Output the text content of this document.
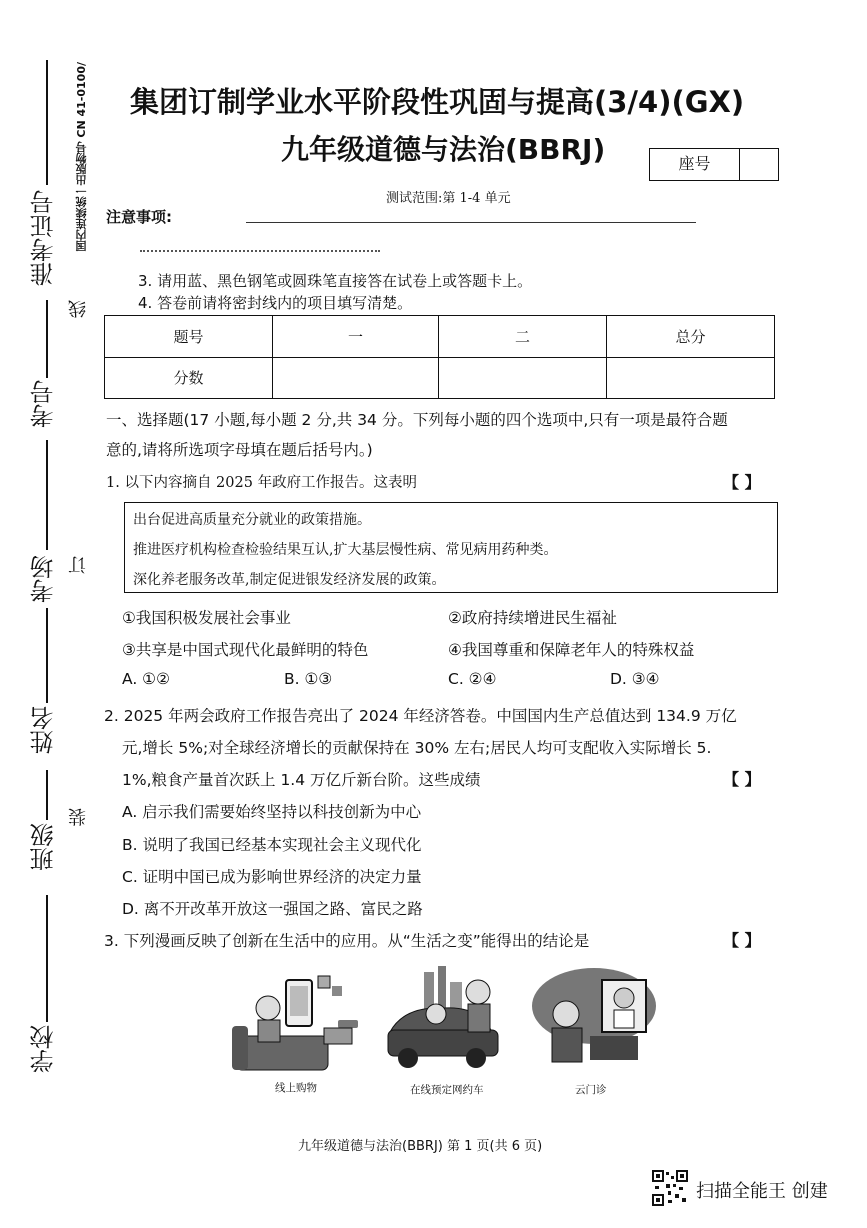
准考证号
考号
考场
姓名
班级
学校
国内连续统一出版物号 CN 41-0100/
线
订
装
集团订制学业水平阶段性巩固与提高(3/4)(GX)
九年级道德与法治(BBRJ)	座号
测试范围:第 1-4 单元
注意事项:
3. 请用蓝、黑色钢笔或圆珠笔直接答在试卷上或答题卡上。
4. 答卷前请将密封线内的项目填写清楚。
题号	一	二	总分
分数			
一、选择题(17 小题,每小题 2 分,共 34 分。下列每小题的四个选项中,只有一项是最符合题
意的,请将所选项字母填在题后括号内。)
1. 以下内容摘自 2025 年政府工作报告。这表明	【 】
出台促进高质量充分就业的政策措施。
推进医疗机构检查检验结果互认,扩大基层慢性病、常见病用药种类。
深化养老服务改革,制定促进银发经济发展的政策。
①我国积极发展社会事业	②政府持续增进民生福祉
③共享是中国式现代化最鲜明的特色	④我国尊重和保障老年人的特殊权益
A. ①②	B. ①③	C. ②④	D. ③④
2. 2025 年两会政府工作报告亮出了 2024 年经济答卷。中国国内生产总值达到 134.9 万亿
元,增长 5%;对全球经济增长的贡献保持在 30% 左右;居民人均可支配收入实际增长 5.
1%,粮食产量首次跃上 1.4 万亿斤新台阶。这些成绩	【 】
A. 启示我们需要始终坚持以科技创新为中心
B. 说明了我国已经基本实现社会主义现代化
C. 证明中国已成为影响世界经济的决定力量
D. 离不开改革开放这一强国之路、富民之路
3. 下列漫画反映了创新在生活中的应用。从“生活之变”能得出的结论是	【 】
线上购物	在线预定网约车	云门诊
九年级道德与法治(BBRJ) 第 1 页(共 6 页)
扫描全能王 创建
